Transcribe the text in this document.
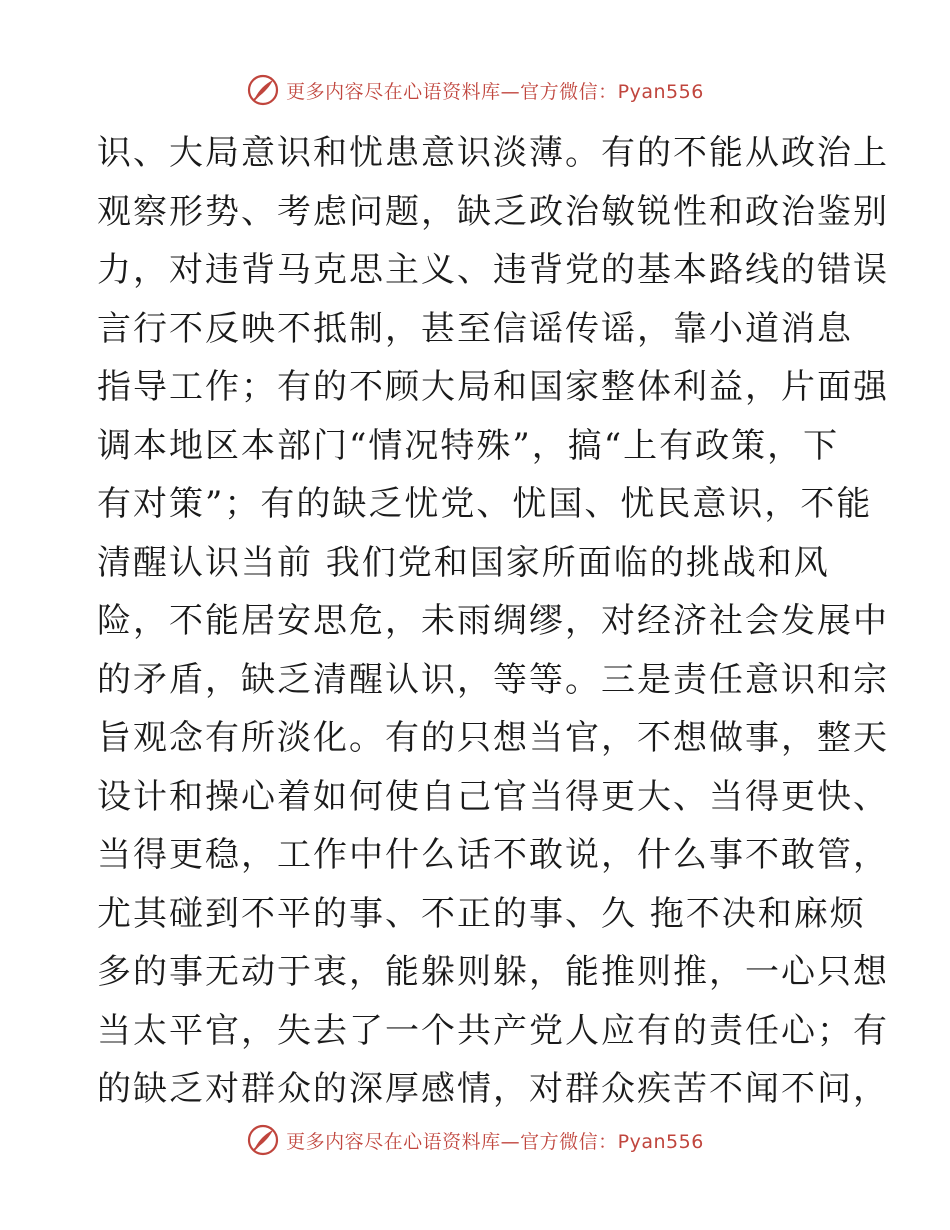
更多内容尽在心语资料库—官方微信：Pyan556
识、大局意识和忧患意识淡薄。有的不能从政治上
观察形势、考虑问题，缺乏政治敏锐性和政治鉴别
力，对违背马克思主义、违背党的基本路线的错误
言行不反映不抵制，甚至信谣传谣，靠小道消息
指导工作；有的不顾大局和国家整体利益，片面强
调本地区本部门“情况特殊”，搞“上有政策，下
有对策”；有的缺乏忧党、忧国、忧民意识，不能
清醒认识当前 我们党和国家所面临的挑战和风
险，不能居安思危，未雨绸缪，对经济社会发展中
的矛盾，缺乏清醒认识，等等。三是责任意识和宗
旨观念有所淡化。有的只想当官，不想做事，整天
设计和操心着如何使自己官当得更大、当得更快、
当得更稳，工作中什么话不敢说，什么事不敢管，
尤其碰到不平的事、不正的事、久 拖不决和麻烦
多的事无动于衷，能躲则躲，能推则推，一心只想
当太平官，失去了一个共产党人应有的责任心；有
的缺乏对群众的深厚感情，对群众疾苦不闻不问，
更多内容尽在心语资料库—官方微信：Pyan556
